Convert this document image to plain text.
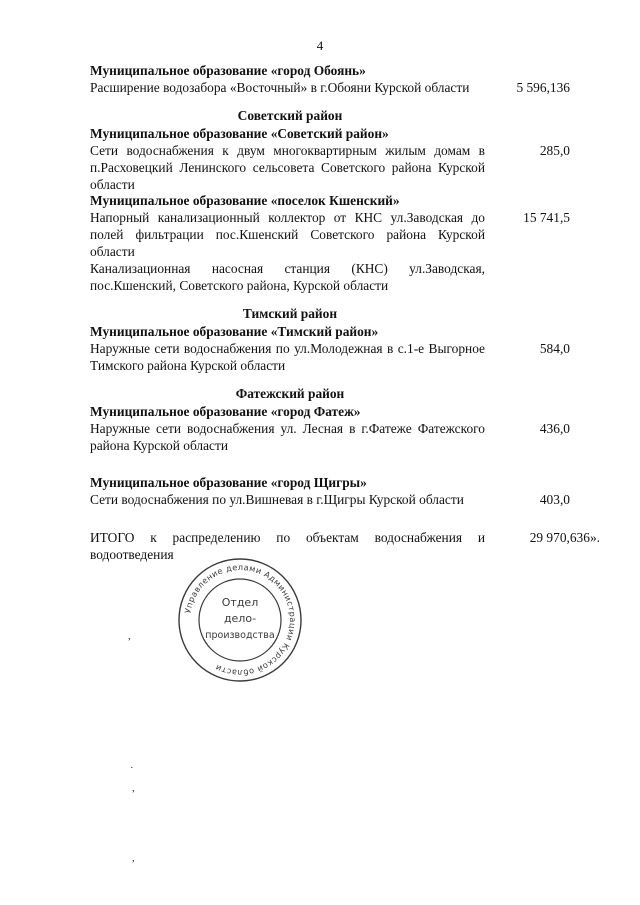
4
Муниципальное образование «город Обоянь»
Расширение водозабора «Восточный» в г.Обояни Курской области	5 596,136
Советский район
Муниципальное образование «Советский район»
Сети водоснабжения к двум многоквартирным жилым домам в п.Расховецкий Ленинского сельсовета Советского района Курской области
285,0
Муниципальное образование «поселок Кшенский»
Напорный канализационный коллектор от КНС ул.Заводская до полей фильтрации пос.Кшенский Советского района Курской области
15 741,5
Канализационная насосная станция (КНС) ул.Заводская, пос.Кшенский, Советского района, Курской области
Тимский район
Муниципальное образование «Тимский район»
Наружные сети водоснабжения по ул.Молодежная в с.1-е Выгорное Тимского района Курской области
584,0
Фатежский район
Муниципальное образование «город Фатеж»
Наружные сети водоснабжения ул. Лесная в г.Фатеже Фатежского района Курской области
436,0
Муниципальное образование «город Щигры»
Сети водоснабжения по ул.Вишневая в г.Щигры Курской области	403,0
ИТОГО к распределению по объектам водоснабжения и водоотведения
29 970,636».
Управление делами Администрации Курской области
Отдел
дело-
производства
,
·
,
,
